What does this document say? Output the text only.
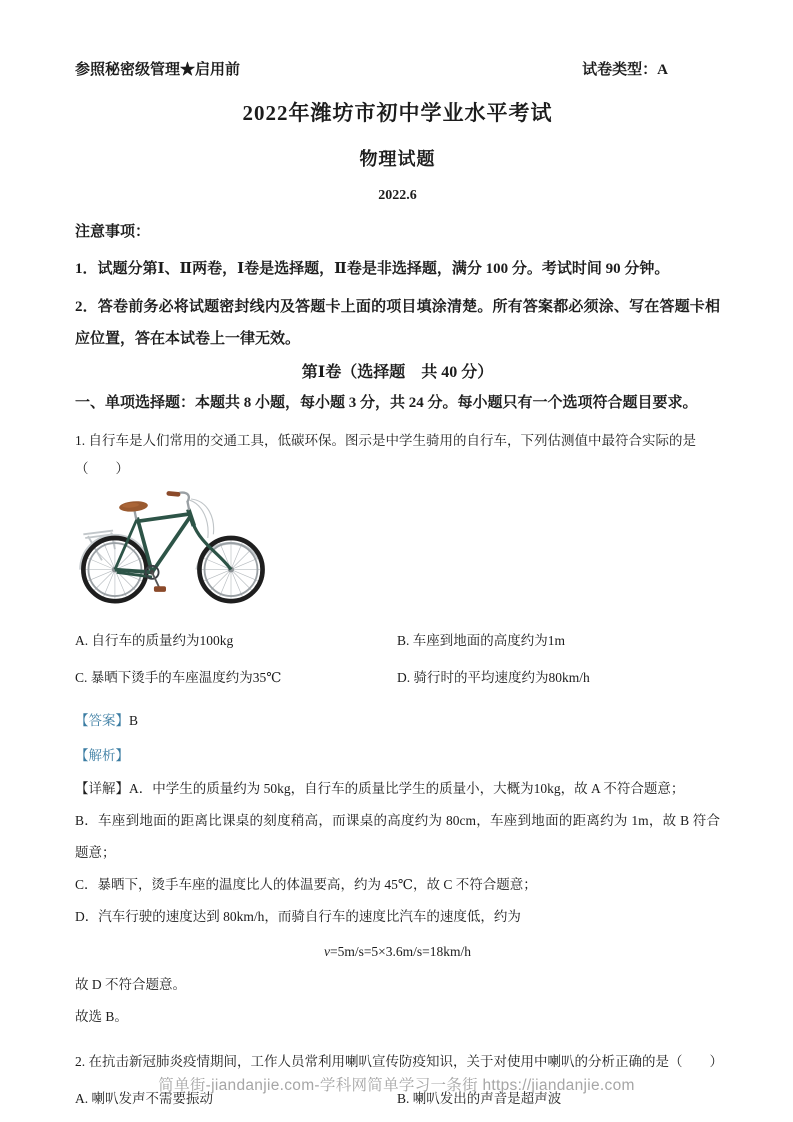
参照秘密级管理★启用前	试卷类型：A
2022年潍坊市初中学业水平考试
物理试题
2022.6
注意事项：
1．试题分第Ⅰ、Ⅱ两卷，Ⅰ卷是选择题，Ⅱ卷是非选择题，满分 100 分。考试时间 90 分钟。
2．答卷前务必将试题密封线内及答题卡上面的项目填涂清楚。所有答案都必须涂、写在答题卡相应位置，答在本试卷上一律无效。
第Ⅰ卷（选择题　共 40 分）
一、单项选择题：本题共 8 小题，每小题 3 分，共 24 分。每小题只有一个选项符合题目要求。
1. 自行车是人们常用的交通工具，低碳环保。图示是中学生骑用的自行车，下列估测值中最符合实际的是
（　　）
A. 自行车的质量约为100kg	B. 车座到地面的高度约为1m
C. 暴晒下烫手的车座温度约为35℃	D. 骑行时的平均速度约为80km/h
【答案】B
【解析】
【详解】A．中学生的质量约为 50kg，自行车的质量比学生的质量小，大概为10kg，故 A 不符合题意；
B．车座到地面的距离比课桌的刻度稍高，而课桌的高度约为 80cm，车座到地面的距离约为 1m，故 B 符合题意；
C．暴晒下，烫手车座的温度比人的体温要高，约为 45℃，故 C 不符合题意；
D．汽车行驶的速度达到 80km/h，而骑自行车的速度比汽车的速度低，约为
v=5m/s=5×3.6m/s=18km/h
故 D 不符合题意。
故选 B。
2. 在抗击新冠肺炎疫情期间，工作人员常利用喇叭宣传防疫知识，关于对使用中喇叭的分析正确的是（　　）
A. 喇叭发声不需要振动	B. 喇叭发出的声音是超声波
简单街-jiandanjie.com-学科网简单学习一条街 https://jiandanjie.com
